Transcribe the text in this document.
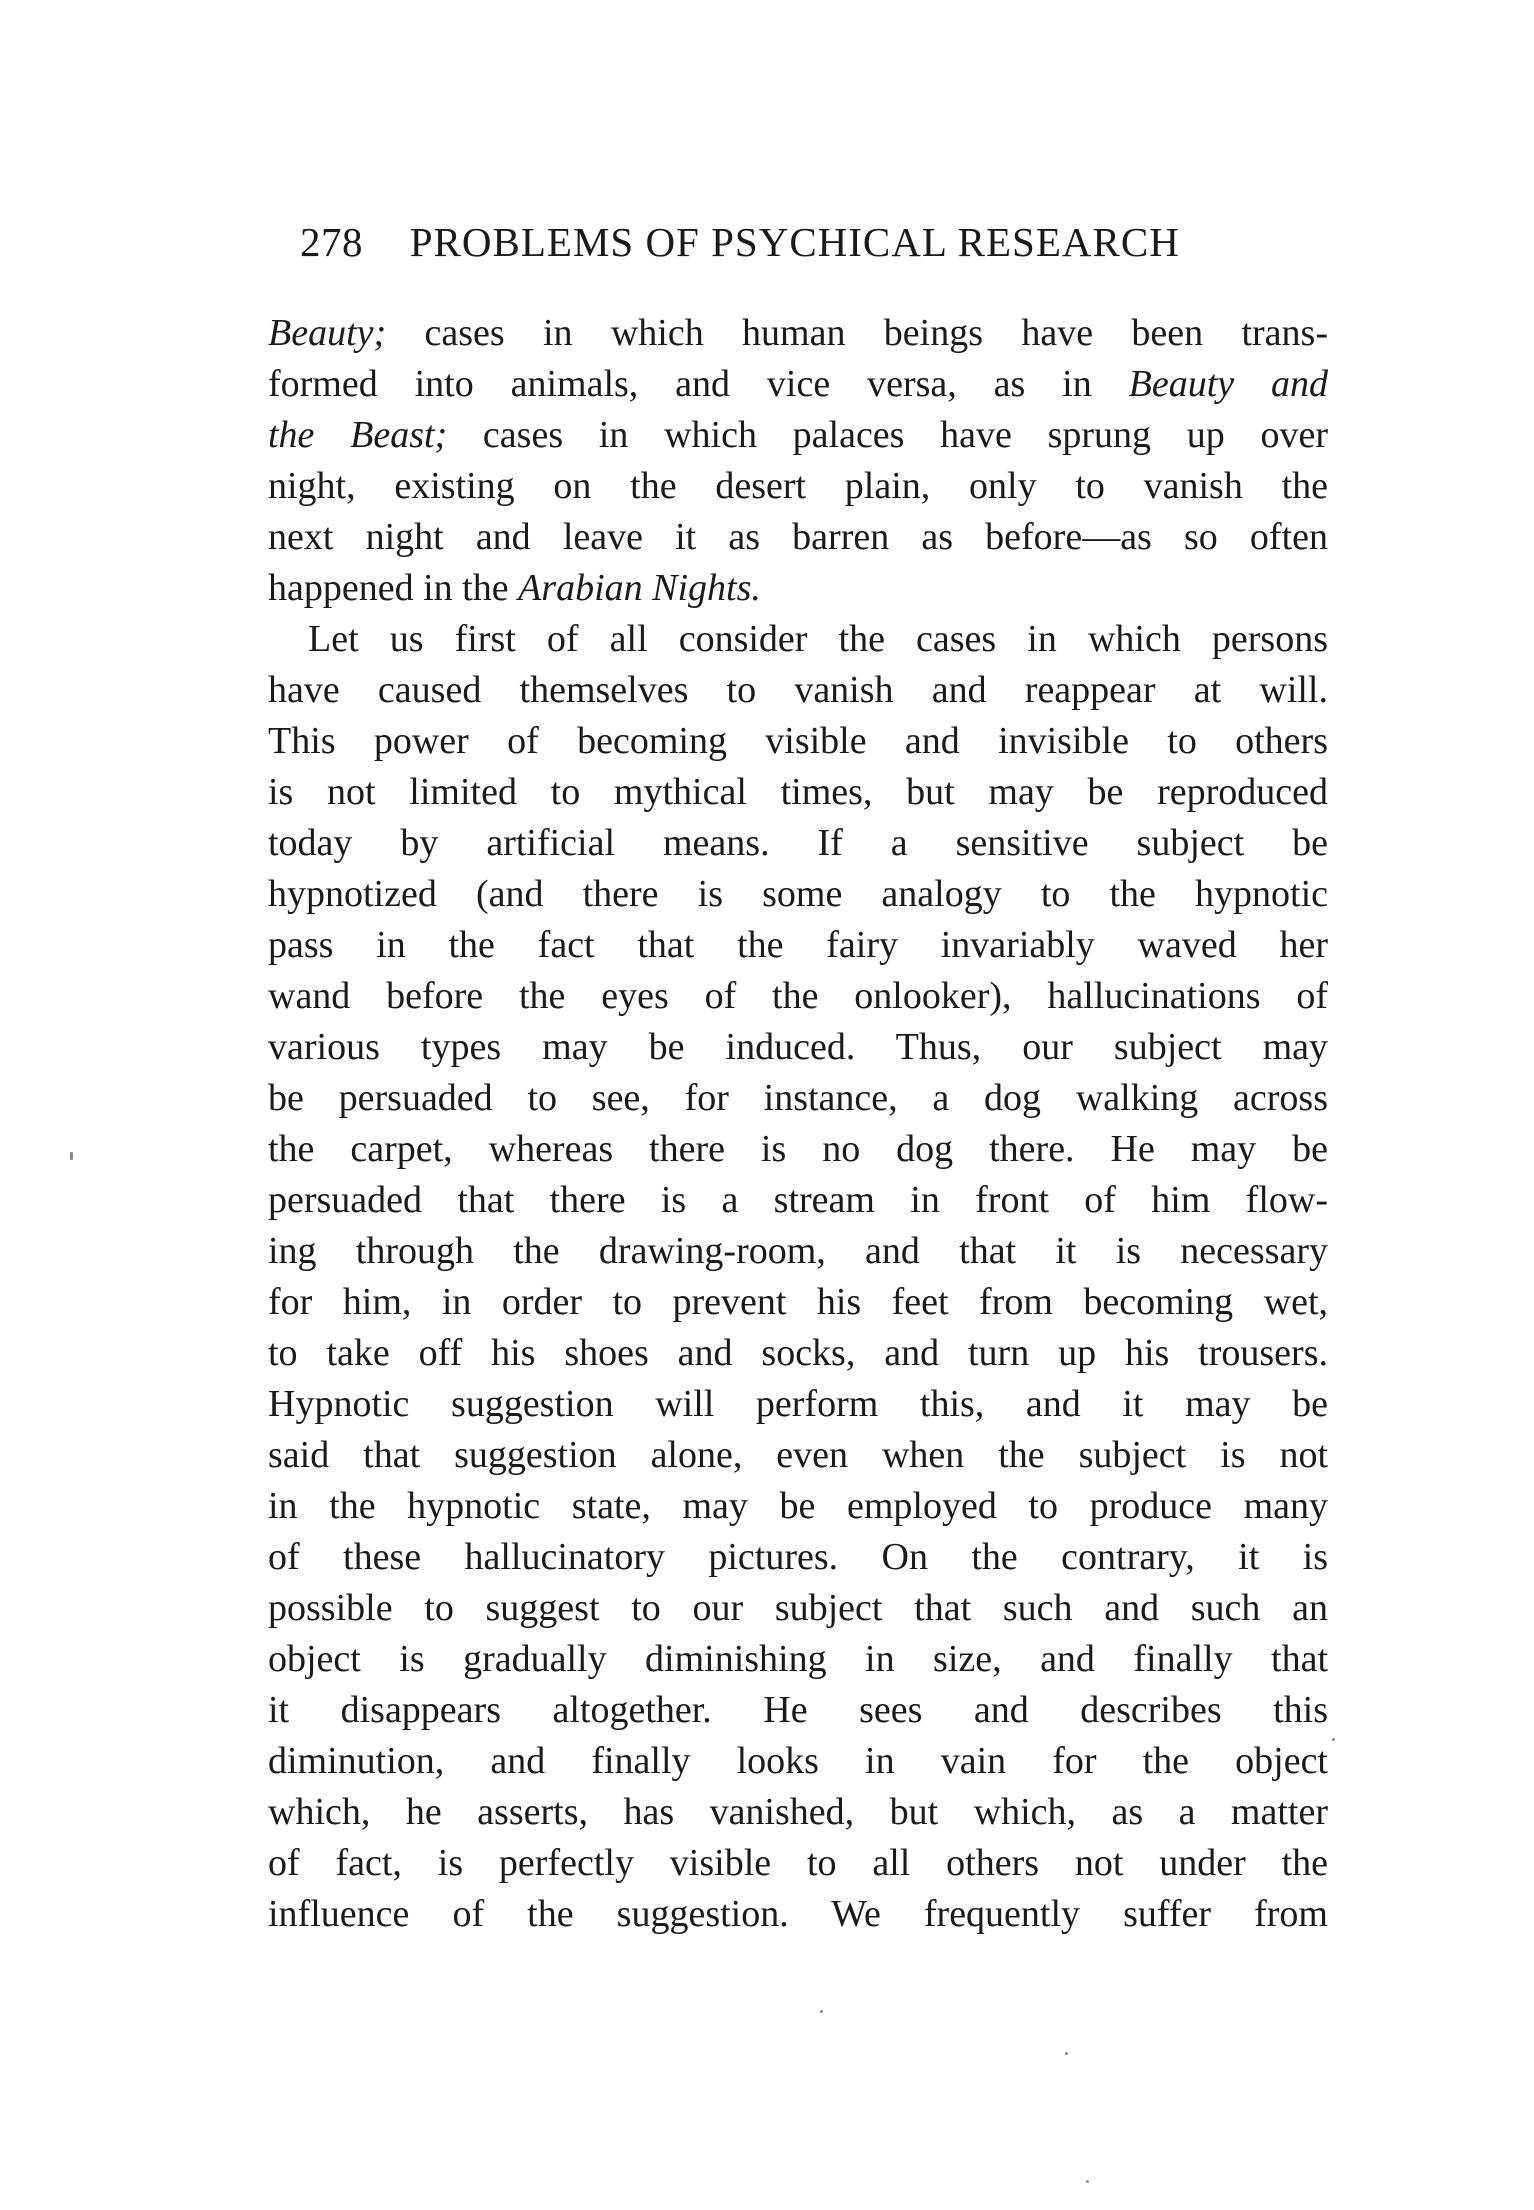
278 PROBLEMS OF PSYCHICAL RESEARCH
Beauty; cases in which human beings have been trans-
formed into animals, and vice versa, as in Beauty and
the Beast; cases in which palaces have sprung up over
night, existing on the desert plain, only to vanish the
next night and leave it as barren as before—as so often
happened in the Arabian Nights.
Let us first of all consider the cases in which persons
have caused themselves to vanish and reappear at will.
This power of becoming visible and invisible to others
is not limited to mythical times, but may be reproduced
today by artificial means. If a sensitive subject be
hypnotized (and there is some analogy to the hypnotic
pass in the fact that the fairy invariably waved her
wand before the eyes of the onlooker), hallucinations of
various types may be induced. Thus, our subject may
be persuaded to see, for instance, a dog walking across
the carpet, whereas there is no dog there. He may be
persuaded that there is a stream in front of him flow-
ing through the drawing-room, and that it is necessary
for him, in order to prevent his feet from becoming wet,
to take off his shoes and socks, and turn up his trousers.
Hypnotic suggestion will perform this, and it may be
said that suggestion alone, even when the subject is not
in the hypnotic state, may be employed to produce many
of these hallucinatory pictures. On the contrary, it is
possible to suggest to our subject that such and such an
object is gradually diminishing in size, and finally that
it disappears altogether. He sees and describes this
diminution, and finally looks in vain for the object
which, he asserts, has vanished, but which, as a matter
of fact, is perfectly visible to all others not under the
influence of the suggestion. We frequently suffer from
